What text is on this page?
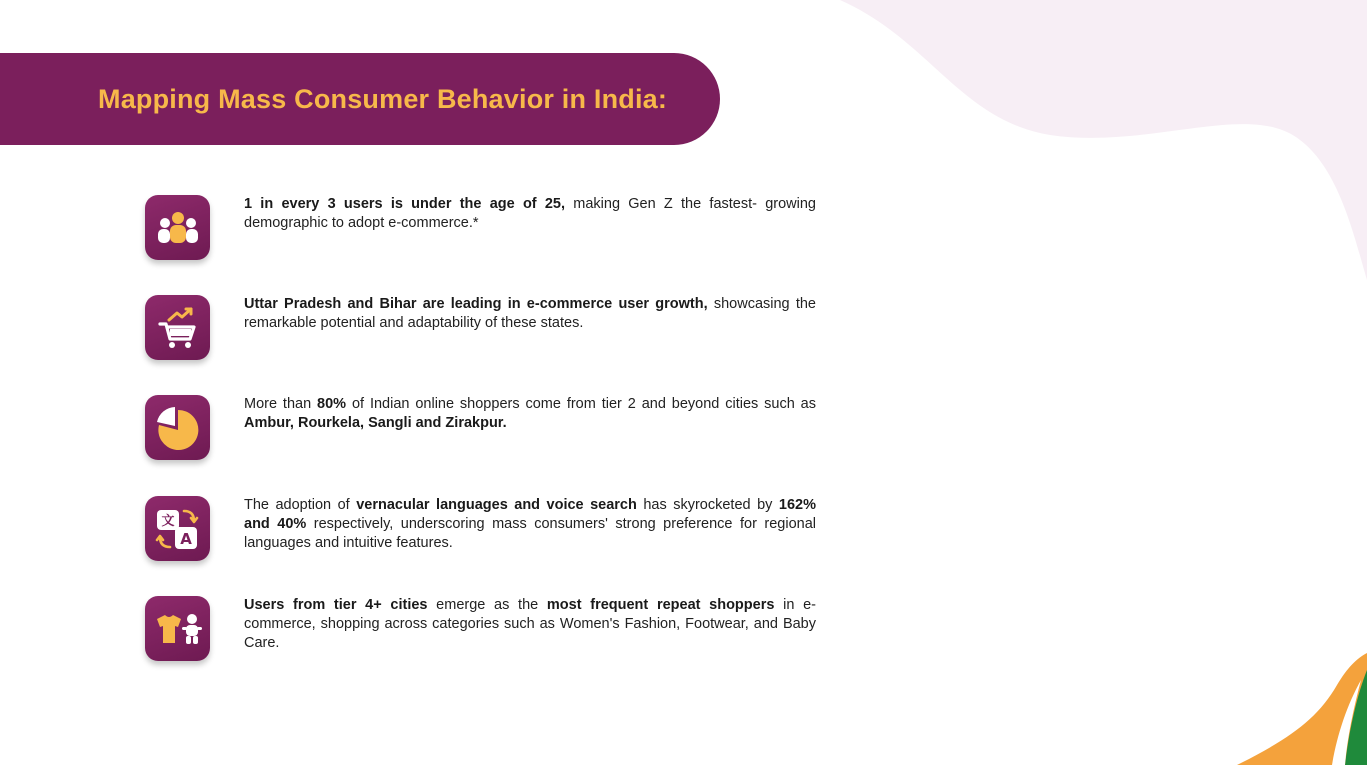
Mapping Mass Consumer Behavior in India:
1 in every 3 users is under the age of 25, making Gen Z the fastest- growing demographic to adopt e-commerce.*
Uttar Pradesh and Bihar are leading in e-commerce user growth, showcasing the remarkable potential and adaptability of these states.
More than 80% of Indian online shoppers come from tier 2 and beyond cities such as Ambur, Rourkela, Sangli and Zirakpur.
文
A
The adoption of vernacular languages and voice search has skyrocketed by 162% and 40% respectively, underscoring mass consumers' strong preference for regional languages and intuitive features.
Users from tier 4+ cities emerge as the most frequent repeat shoppers in e-commerce, shopping across categories such as Women's Fashion, Footwear, and Baby Care.
